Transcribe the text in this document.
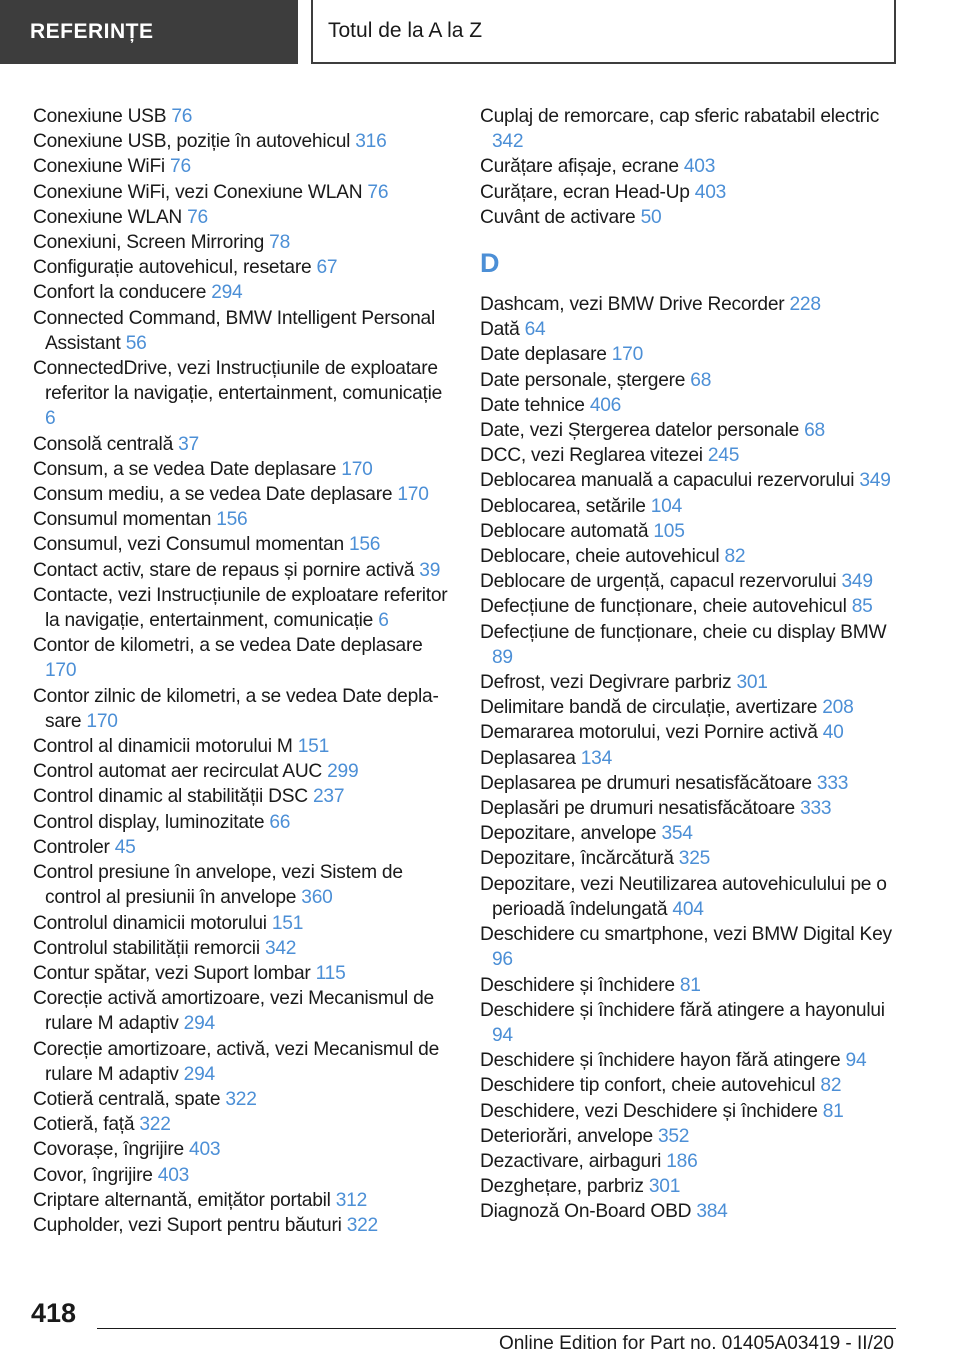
REFERINȚE	Totul de la A la Z
Conexiune USB 76
Conexiune USB, poziție în autovehicul 316
Conexiune WiFi 76
Conexiune WiFi, vezi Conexiune WLAN 76
Conexiune WLAN 76
Conexiuni, Screen Mirroring 78
Configurație autovehicul, resetare 67
Confort la conducere 294
Connected Command, BMW Intelligent Personal Assistant 56
ConnectedDrive, vezi Instrucțiunile de exploatare referitor la navigație, entertainment, comunicație 6
Consolă centrală 37
Consum, a se vedea Date deplasare 170
Consum mediu, a se vedea Date deplasare 170
Consumul momentan 156
Consumul, vezi Consumul momentan 156
Contact activ, stare de repaus și pornire activă 39
Contacte, vezi Instrucțiunile de exploatare referitor la navigație, entertainment, comunicație 6
Contor de kilometri, a se vedea Date deplasare 170
Contor zilnic de kilometri, a se vedea Date deplasare 170
Control al dinamicii motorului M 151
Control automat aer recirculat AUC 299
Control dinamic al stabilității DSC 237
Control display, luminozitate 66
Controler 45
Control presiune în anvelope, vezi Sistem de control al presiunii în anvelope 360
Controlul dinamicii motorului 151
Controlul stabilității remorcii 342
Contur spătar, vezi Suport lombar 115
Corecție activă amortizoare, vezi Mecanismul de rulare M adaptiv 294
Corecție amortizoare, activă, vezi Mecanismul de rulare M adaptiv 294
Cotieră centrală, spate 322
Cotieră, față 322
Covorașe, îngrijire 403
Covor, îngrijire 403
Criptare alternantă, emițător portabil 312
Cupholder, vezi Suport pentru băuturi 322
Cuplaj de remorcare, cap sferic rabatabil electric 342
Curățare afișaje, ecrane 403
Curățare, ecran Head-Up 403
Cuvânt de activare 50
D
Dashcam, vezi BMW Drive Recorder 228
Dată 64
Date deplasare 170
Date personale, ștergere 68
Date tehnice 406
Date, vezi Ștergerea datelor personale 68
DCC, vezi Reglarea vitezei 245
Deblocarea manuală a capacului rezervorului 349
Deblocarea, setările 104
Deblocare automată 105
Deblocare, cheie autovehicul 82
Deblocare de urgență, capacul rezervorului 349
Defecțiune de funcționare, cheie autovehicul 85
Defecțiune de funcționare, cheie cu display BMW 89
Defrost, vezi Degivrare parbriz 301
Delimitare bandă de circulație, avertizare 208
Demararea motorului, vezi Pornire activă 40
Deplasarea 134
Deplasarea pe drumuri nesatisfăcătoare 333
Deplasări pe drumuri nesatisfăcătoare 333
Depozitare, anvelope 354
Depozitare, încărcătură 325
Depozitare, vezi Neutilizarea autovehiculului pe o perioadă îndelungată 404
Deschidere cu smartphone, vezi BMW Digital Key 96
Deschidere și închidere 81
Deschidere și închidere fără atingere a hayonului 94
Deschidere și închidere hayon fără atingere 94
Deschidere tip confort, cheie autovehicul 82
Deschidere, vezi Deschidere și închidere 81
Deteriorări, anvelope 352
Dezactivare, airbaguri 186
Dezghețare, parbriz 301
Diagnoză On-Board OBD 384
418
Online Edition for Part no. 01405A03419 - II/20
